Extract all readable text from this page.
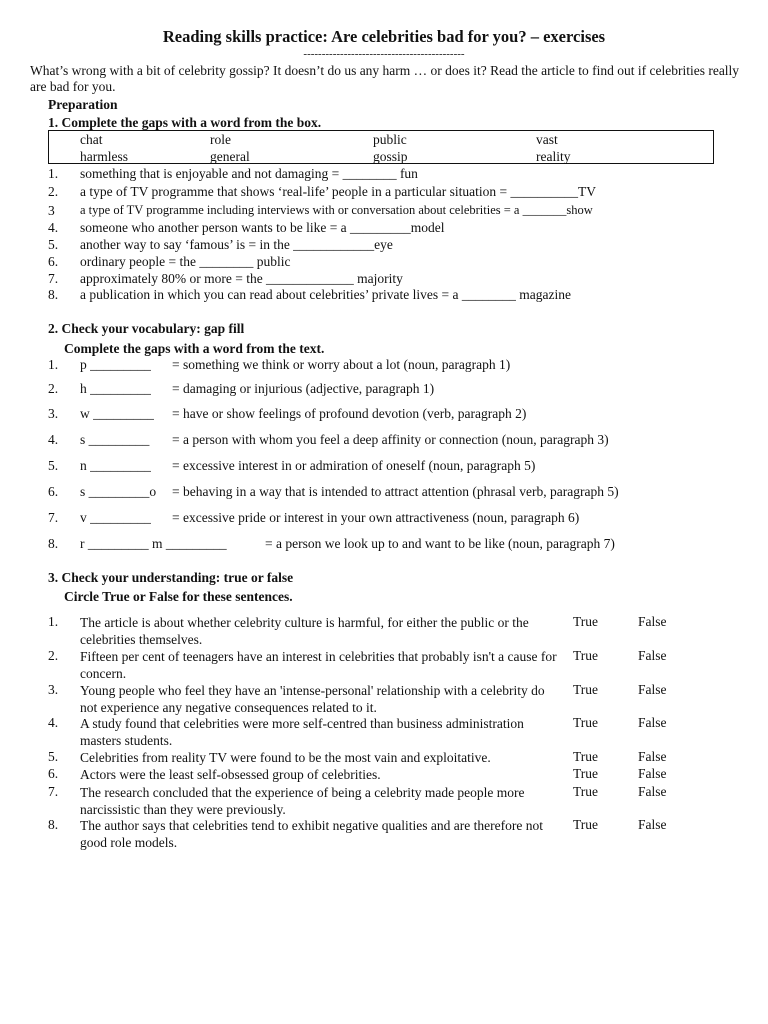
Reading skills practice: Are celebrities bad for you? – exercises
--------------------------------------------
What’s wrong with a bit of celebrity gossip? It doesn’t do us any harm … or does it? Read the article to find out if celebrities really are bad for you.
Preparation
1. Complete the gaps with a word from the box.
chat	role	public	vast
harmless	general	gossip	reality
1. something that is enjoyable and not damaging = ________ fun
2. a type of TV programme that shows ‘real-life’ people in a particular situation = __________TV
3 a type of TV programme including interviews with or conversation about celebrities = a _______show
4. someone who another person wants to be like = a _________model
5. another way to say ‘famous’ is = in the ____________eye
6. ordinary people = the ________ public
7. approximately 80% or more = the _____________ majority
8. a publication in which you can read about celebrities’ private lives = a ________ magazine
2. Check your vocabulary: gap fill
Complete the gaps with a word from the text.
1. p _________ = something we think or worry about a lot (noun, paragraph 1)
2. h _________ = damaging or injurious (adjective, paragraph 1)
3. w _________ = have or show feelings of profound devotion (verb, paragraph 2)
4. s _________ = a person with whom you feel a deep affinity or connection (noun, paragraph 3)
5. n _________ = excessive interest in or admiration of oneself (noun, paragraph 5)
6. s _________o = behaving in a way that is intended to attract attention (phrasal verb, paragraph 5)
7. v _________ = excessive pride or interest in your own attractiveness (noun, paragraph 6)
8. r _________ m _________	= a person we look up to and want to be like (noun, paragraph 7)
3. Check your understanding: true or false
Circle True or False for these sentences.
1. The article is about whether celebrity culture is harmful, for either the public or the celebrities themselves.
True	False
2. Fifteen per cent of teenagers have an interest in celebrities that probably isn't a cause for concern.
True	False
3. Young people who feel they have an 'intense-personal' relationship with a celebrity do not experience any negative consequences related to it.
True	False
4. A study found that celebrities were more self-centred than business administration masters students.
True	False
5. Celebrities from reality TV were found to be the most vain and exploitative.	True	False
6. Actors were the least self-obsessed group of celebrities.	True	False
7. The research concluded that the experience of being a celebrity made people more narcissistic than they were previously.
True	False
8. The author says that celebrities tend to exhibit negative qualities and are therefore not good role models.
True	False
